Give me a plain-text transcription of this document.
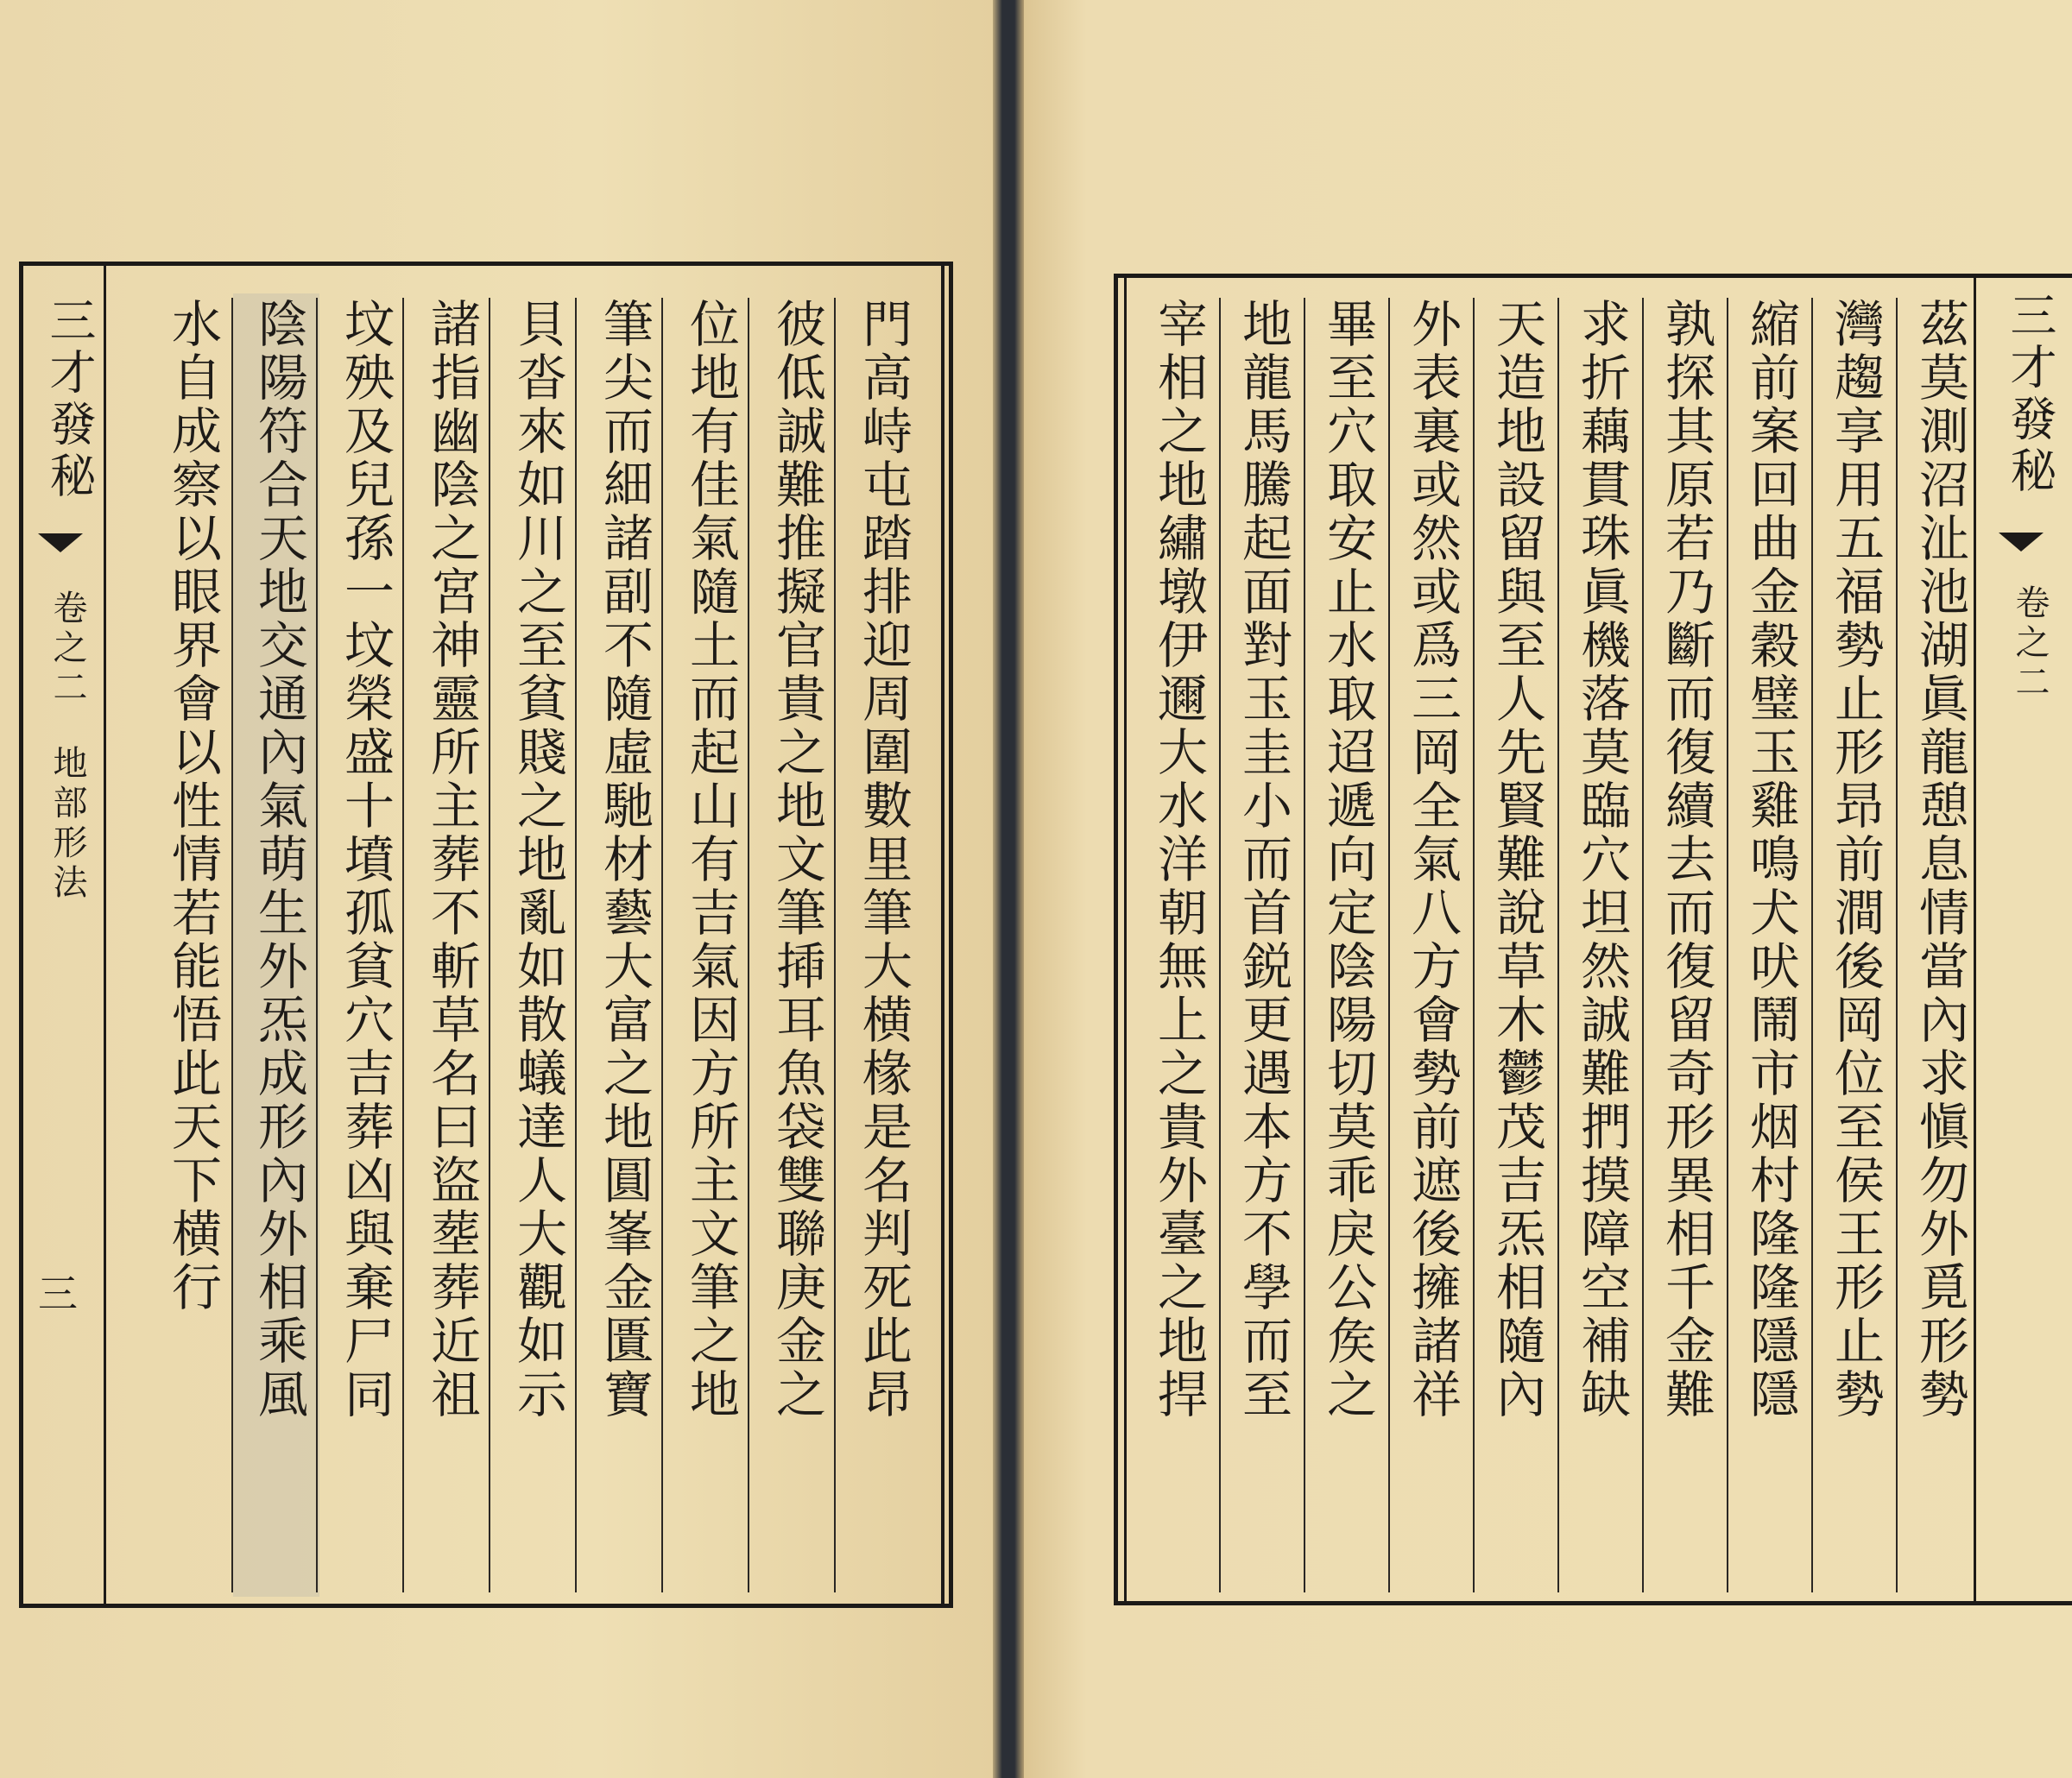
三才發秘
卷之二
地部形法
三	門高峙屯踏排迎周圍數里筆大横椽是名判死此昂
彼低誠難推擬官貴之地文筆揷耳魚袋雙聯庚金之
位地有佳氣隨土而起山有吉氣因方所主文筆之地
筆尖而細諸副不隨虛馳材藝大富之地圓峯金匱寶
貝沓來如川之至貧賤之地亂如散蟻達人大觀如示
諸指幽陰之宮神靈所主葬不斬草名曰盜塟葬近祖
坟殃及兒孫一坟榮盛十墳孤貧穴吉葬凶與棄尸同
陰陽符合天地交通內氣萌生外炁成形內外相乘風
水自成察以眼界會以性情若能悟此天下横行	三才發秘
卷之二
茲莫測沼沚池湖眞龍憩息情當內求愼勿外覓形勢
灣趨享用五福勢止形昻前澗後岡位至侯王形止勢
縮前案回曲金穀璧玉雞鳴犬吠鬧市烟村隆隆隱隱
孰探其原若乃斷而復續去而復留奇形異相千金難
求折藕貫珠眞機落莫臨穴坦然誠難捫摸障空補缺
天造地設留與至人先賢難說草木鬱茂吉炁相隨內
外表裏或然或爲三岡全氣八方會勢前遮後擁諸祥
畢至穴取安止水取迢遞向定陰陽切莫乖戾公矦之
地龍馬騰起面對玉圭小而首鋭更遇本方不學而至
宰相之地繡墩伊邇大水洋朝無上之貴外臺之地捍
